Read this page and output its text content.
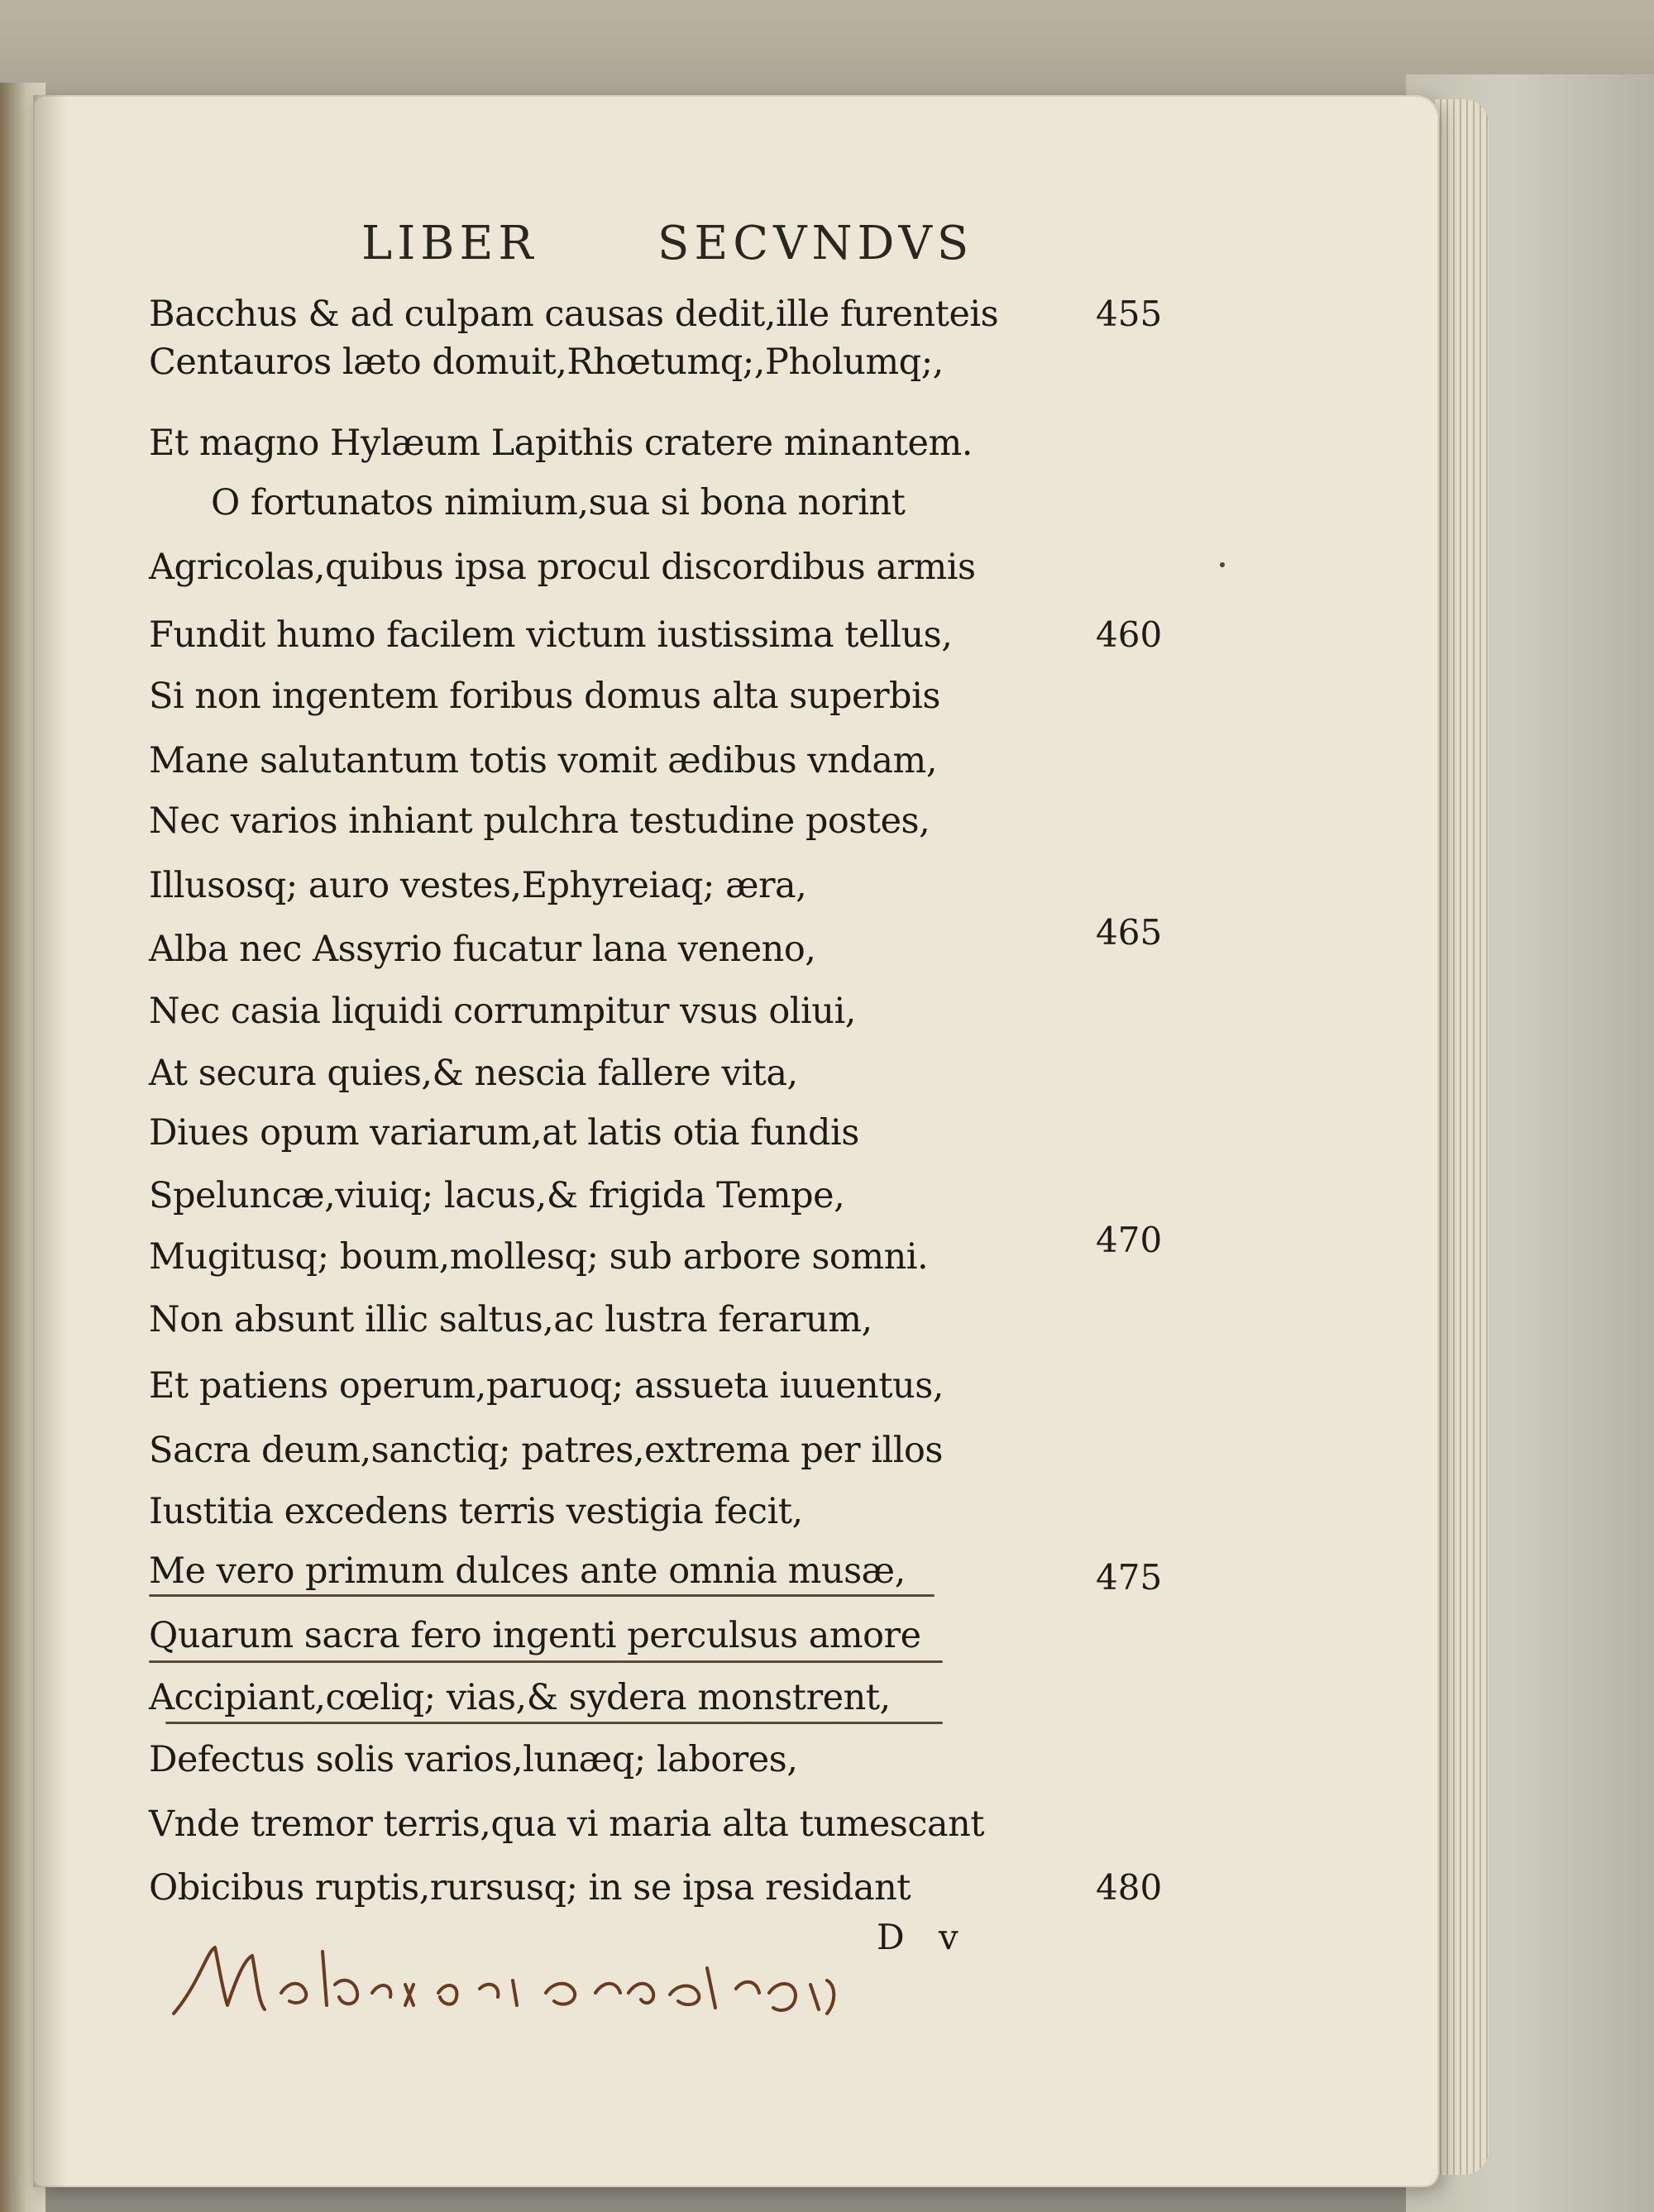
LIBER	SECVNDVS
Bacchus & ad culpam causas dedit,ille furenteis
Centauros læto domuit,Rhœtumq;,Pholumq;,
Et magno Hylæum Lapithis cratere minantem.
O fortunatos nimium,sua si bona norint
Agricolas,quibus ipsa procul discordibus armis
Fundit humo facilem victum iustissima tellus,
Si non ingentem foribus domus alta superbis
Mane salutantum totis vomit ædibus vndam,
Nec varios inhiant pulchra testudine postes,
Illusosq; auro vestes,Ephyreiaq; æra,
Alba nec Assyrio fucatur lana veneno,
Nec casia liquidi corrumpitur vsus oliui,
At secura quies,& nescia fallere vita,
Diues opum variarum,at latis otia fundis
Speluncæ,viuiq; lacus,& frigida Tempe,
Mugitusq; boum,mollesq; sub arbore somni.
Non absunt illic saltus,ac lustra ferarum,
Et patiens operum,paruoq; assueta iuuentus,
Sacra deum,sanctiq; patres,extrema per illos
Iustitia excedens terris vestigia fecit,
Me vero primum dulces ante omnia musæ,
Quarum sacra fero ingenti perculsus amore
Accipiant,cœliq; vias,& sydera monstrent,
Defectus solis varios,lunæq; labores,
Vnde tremor terris,qua vi maria alta tumescant
Obicibus ruptis,rursusq; in se ipsa residant
455
460
465
470
475
480
D v
